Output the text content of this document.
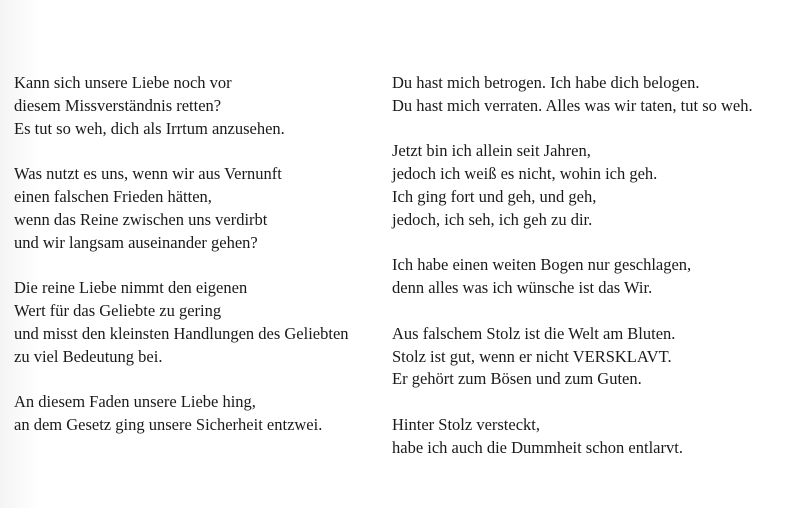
Kann sich unsere Liebe noch vor
diesem Missverständnis retten?
Es tut so weh, dich als Irrtum anzusehen.
Was nutzt es uns, wenn wir aus Vernunft
einen falschen Frieden hätten,
wenn das Reine zwischen uns verdirbt
und wir langsam auseinander gehen?
Die reine Liebe nimmt den eigenen
Wert für das Geliebte zu gering
und misst den kleinsten Handlungen des Geliebten
zu viel Bedeutung bei.
An diesem Faden unsere Liebe hing,
an dem Gesetz ging unsere Sicherheit entzwei.
Du hast mich betrogen. Ich habe dich belogen.
Du hast mich verraten. Alles was wir taten, tut so weh.
Jetzt bin ich allein seit Jahren,
jedoch ich weiß es nicht, wohin ich geh.
Ich ging fort und geh, und geh,
jedoch, ich seh, ich geh zu dir.
Ich habe einen weiten Bogen nur geschlagen,
denn alles was ich wünsche ist das Wir.
Aus falschem Stolz ist die Welt am Bluten.
Stolz ist gut, wenn er nicht VERSKLAVT.
Er gehört zum Bösen und zum Guten.
Hinter Stolz versteckt,
habe ich auch die Dummheit schon entlarvt.
